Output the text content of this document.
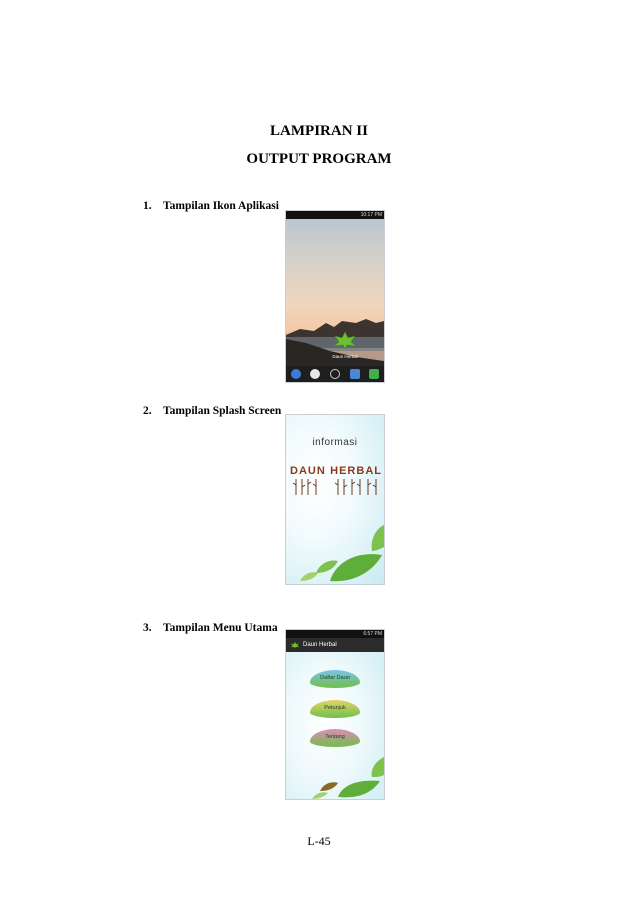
LAMPIRAN II
OUTPUT PROGRAM
1. Tampilan Ikon Aplikasi
10:17 PM
Daun Herbal
2. Tampilan Splash Screen
informasi
DAUN HERBAL
3. Tampilan Menu Utama	6:57 PM
Daun Herbal
Daftar Daun
Petunjuk
Tentang
L-45
